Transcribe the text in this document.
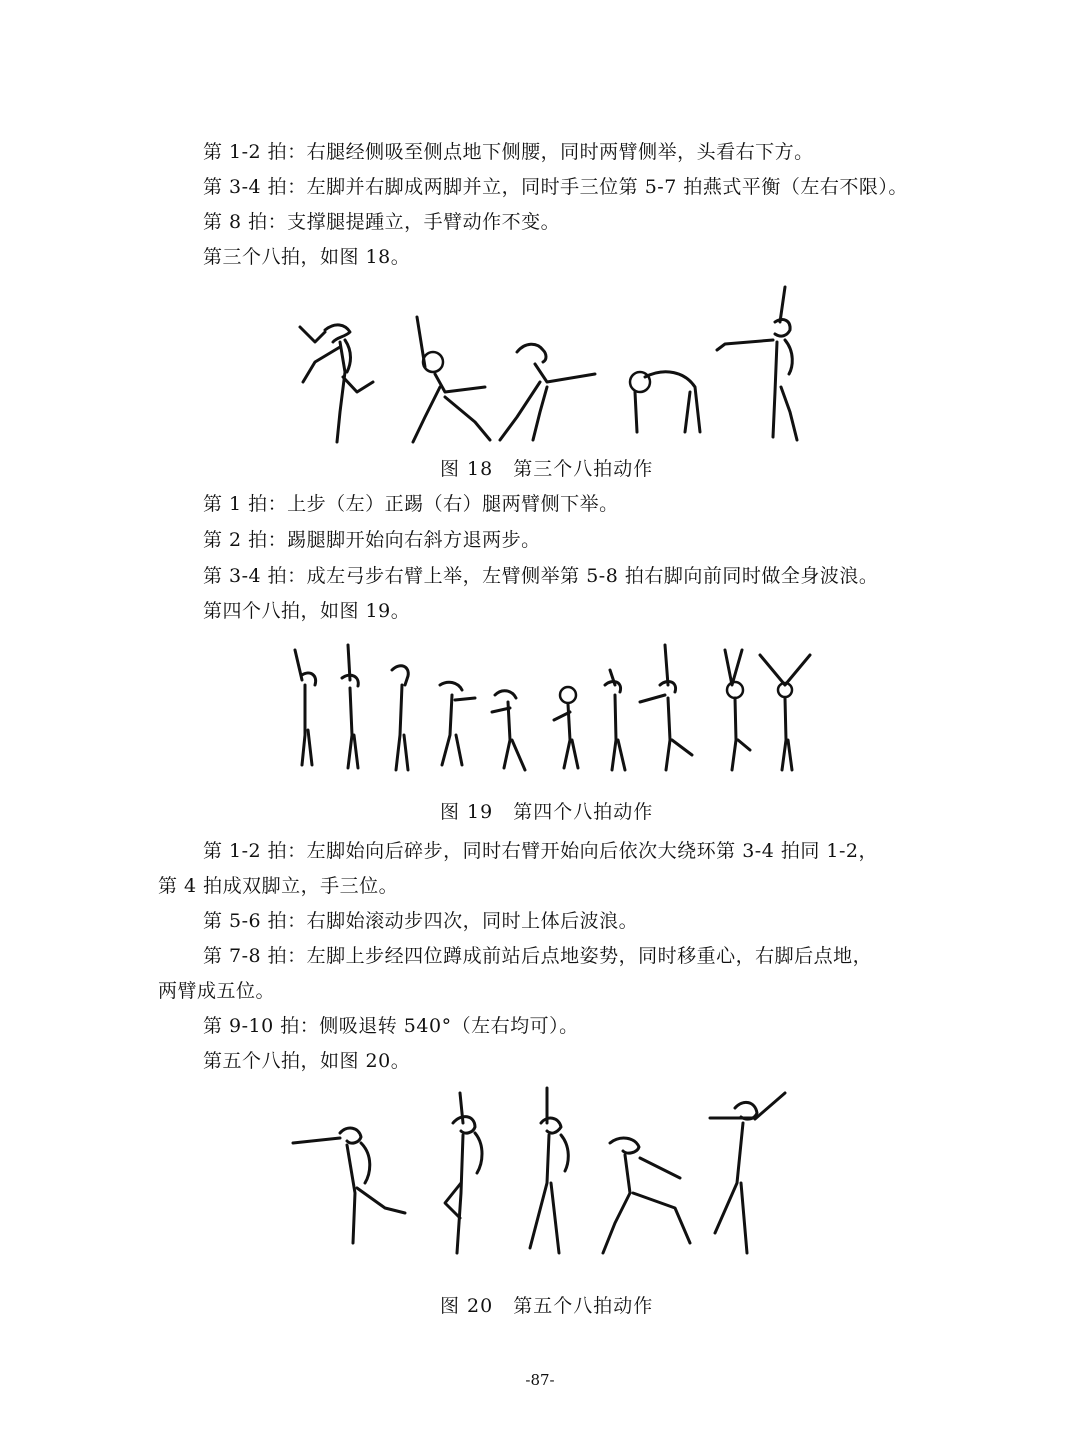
第 1-2 拍：右腿经侧吸至侧点地下侧腰，同时两臂侧举，头看右下方。
第 3-4 拍：左脚并右脚成两脚并立，同时手三位第 5-7 拍燕式平衡（左右不限）。
第 8 拍：支撑腿提踵立，手臂动作不变。
第三个八拍，如图 18。
图 18　第三个八拍动作
第 1 拍：上步（左）正踢（右）腿两臂侧下举。
第 2 拍：踢腿脚开始向右斜方退两步。
第 3-4 拍：成左弓步右臂上举，左臂侧举第 5-8 拍右脚向前同时做全身波浪。
第四个八拍，如图 19。
图 19　第四个八拍动作
第 1-2 拍：左脚始向后碎步，同时右臂开始向后依次大绕环第 3-4 拍同 1-2，
第 4 拍成双脚立，手三位。
第 5-6 拍：右脚始滚动步四次，同时上体后波浪。
第 7-8 拍：左脚上步经四位蹲成前站后点地姿势，同时移重心，右脚后点地，
两臂成五位。
第 9-10 拍：侧吸退转 540°（左右均可）。
第五个八拍，如图 20。
图 20　第五个八拍动作
-87-
